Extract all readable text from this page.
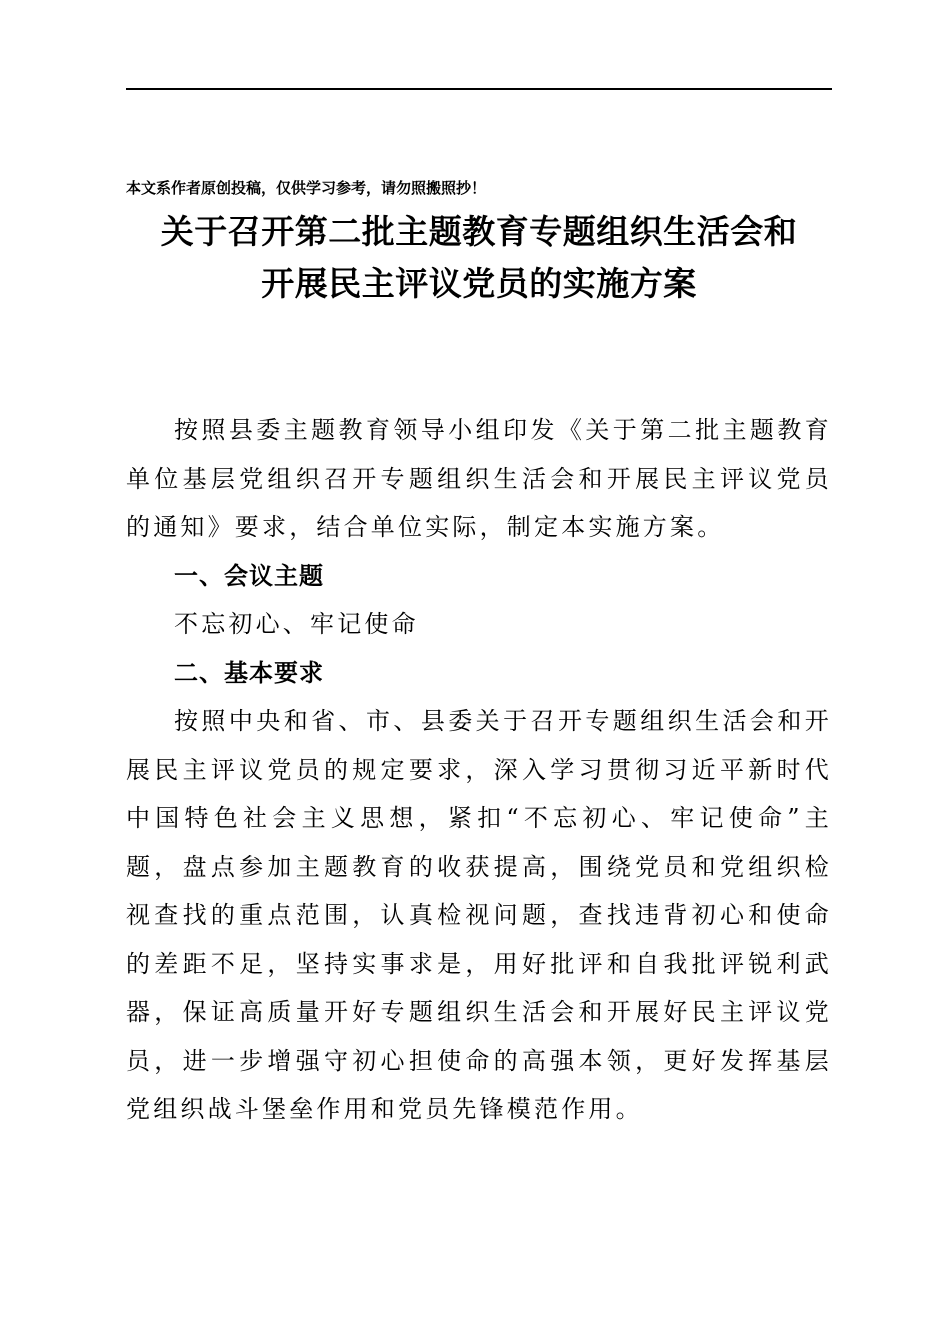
本文系作者原创投稿，仅供学习参考，请勿照搬照抄！
关于召开第二批主题教育专题组织生活会和
开展民主评议党员的实施方案

按照县委主题教育领导小组印发《关于第二批主题教育单位基层党组织召开专题组织生活会和开展民主评议党员的通知》要求，结合单位实际，制定本实施方案。

一、会议主题

不忘初心、牢记使命

二、基本要求

按照中央和省、市、县委关于召开专题组织生活会和开展民主评议党员的规定要求，深入学习贯彻习近平新时代中国特色社会主义思想，紧扣“不忘初心、牢记使命”主题，盘点参加主题教育的收获提高，围绕党员和党组织检视查找的重点范围，认真检视问题，查找违背初心和使命的差距不足，坚持实事求是，用好批评和自我批评锐利武器，保证高质量开好专题组织生活会和开展好民主评议党员，进一步增强守初心担使命的高强本领，更好发挥基层党组织战斗堡垒作用和党员先锋模范作用。
